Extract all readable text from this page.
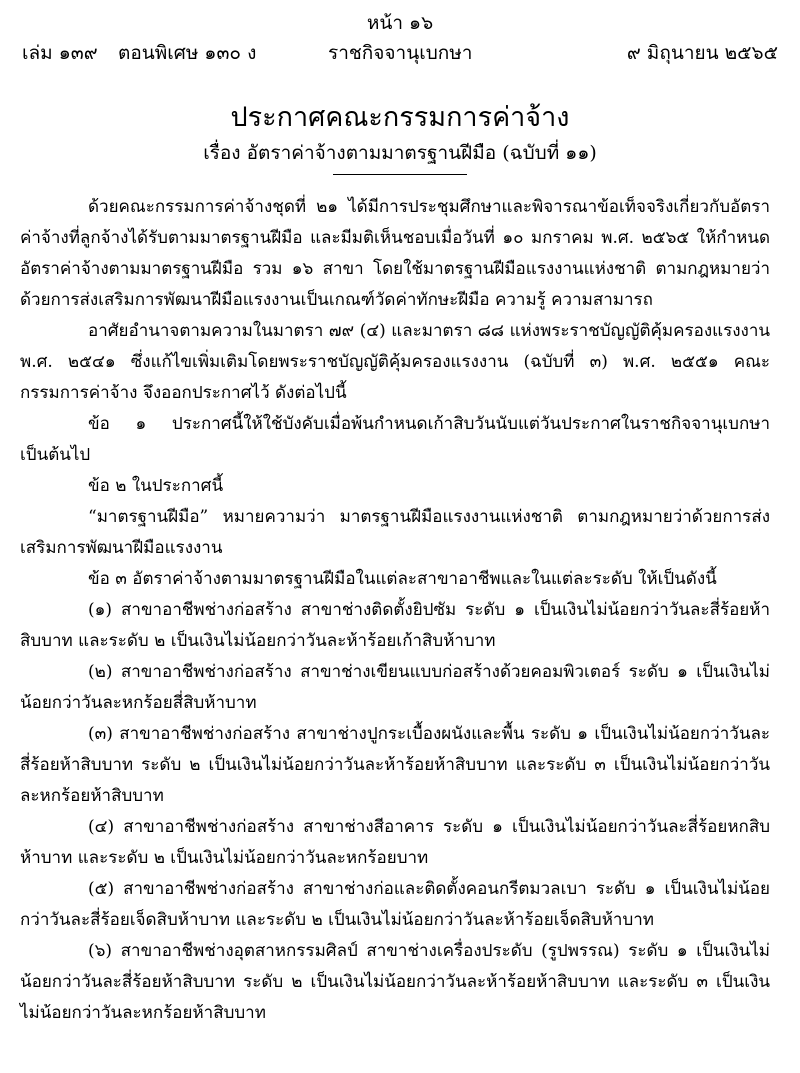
หน้า ๑๖
เล่ม ๑๓๙ ตอนพิเศษ ๑๓๐ ง	ราชกิจจานุเบกษา	๙ มิถุนายน ๒๕๖๕
ประกาศคณะกรรมการค่าจ้าง
เรื่อง อัตราค่าจ้างตามมาตรฐานฝีมือ (ฉบับที่ ๑๑)

ด้วยคณะกรรมการค่าจ้างชุดที่ ๒๑ ได้มีการประชุมศึกษาและพิจารณาข้อเท็จจริงเกี่ยวกับอัตราค่าจ้างที่ลูกจ้างได้รับตามมาตรฐานฝีมือ และมีมติเห็นชอบเมื่อวันที่ ๑๐ มกราคม พ.ศ. ๒๕๖๕ ให้กำหนดอัตราค่าจ้างตามมาตรฐานฝีมือ รวม ๑๖ สาขา โดยใช้มาตรฐานฝีมือแรงงานแห่งชาติ ตามกฎหมายว่าด้วยการส่งเสริมการพัฒนาฝีมือแรงงานเป็นเกณฑ์วัดค่าทักษะฝีมือ ความรู้ ความสามารถ

อาศัยอำนาจตามความในมาตรา ๗๙ (๔) และมาตรา ๘๘ แห่งพระราชบัญญัติคุ้มครองแรงงาน พ.ศ. ๒๕๔๑ ซึ่งแก้ไขเพิ่มเติมโดยพระราชบัญญัติคุ้มครองแรงงาน (ฉบับที่ ๓) พ.ศ. ๒๕๕๑ คณะกรรมการค่าจ้าง จึงออกประกาศไว้ ดังต่อไปนี้

ข้อ ๑ ประกาศนี้ให้ใช้บังคับเมื่อพ้นกำหนดเก้าสิบวันนับแต่วันประกาศในราชกิจจานุเบกษาเป็นต้นไป

ข้อ ๒ ในประกาศนี้

“มาตรฐานฝีมือ” หมายความว่า มาตรฐานฝีมือแรงงานแห่งชาติ ตามกฎหมายว่าด้วยการส่งเสริมการพัฒนาฝีมือแรงงาน

ข้อ ๓ อัตราค่าจ้างตามมาตรฐานฝีมือในแต่ละสาขาอาชีพและในแต่ละระดับ ให้เป็นดังนี้

(๑) สาขาอาชีพช่างก่อสร้าง สาขาช่างติดตั้งยิปซัม ระดับ ๑ เป็นเงินไม่น้อยกว่าวันละสี่ร้อยห้าสิบบาท และระดับ ๒ เป็นเงินไม่น้อยกว่าวันละห้าร้อยเก้าสิบห้าบาท

(๒) สาขาอาชีพช่างก่อสร้าง สาขาช่างเขียนแบบก่อสร้างด้วยคอมพิวเตอร์ ระดับ ๑ เป็นเงินไม่น้อยกว่าวันละหกร้อยสี่สิบห้าบาท

(๓) สาขาอาชีพช่างก่อสร้าง สาขาช่างปูกระเบื้องผนังและพื้น ระดับ ๑ เป็นเงินไม่น้อยกว่าวันละสี่ร้อยห้าสิบบาท ระดับ ๒ เป็นเงินไม่น้อยกว่าวันละห้าร้อยห้าสิบบาท และระดับ ๓ เป็นเงินไม่น้อยกว่าวันละหกร้อยห้าสิบบาท

(๔) สาขาอาชีพช่างก่อสร้าง สาขาช่างสีอาคาร ระดับ ๑ เป็นเงินไม่น้อยกว่าวันละสี่ร้อยหกสิบห้าบาท และระดับ ๒ เป็นเงินไม่น้อยกว่าวันละหกร้อยบาท

(๕) สาขาอาชีพช่างก่อสร้าง สาขาช่างก่อและติดตั้งคอนกรีตมวลเบา ระดับ ๑ เป็นเงินไม่น้อยกว่าวันละสี่ร้อยเจ็ดสิบห้าบาท และระดับ ๒ เป็นเงินไม่น้อยกว่าวันละห้าร้อยเจ็ดสิบห้าบาท

(๖) สาขาอาชีพช่างอุตสาหกรรมศิลป์ สาขาช่างเครื่องประดับ (รูปพรรณ) ระดับ ๑ เป็นเงินไม่น้อยกว่าวันละสี่ร้อยห้าสิบบาท ระดับ ๒ เป็นเงินไม่น้อยกว่าวันละห้าร้อยห้าสิบบาท และระดับ ๓ เป็นเงินไม่น้อยกว่าวันละหกร้อยห้าสิบบาท
